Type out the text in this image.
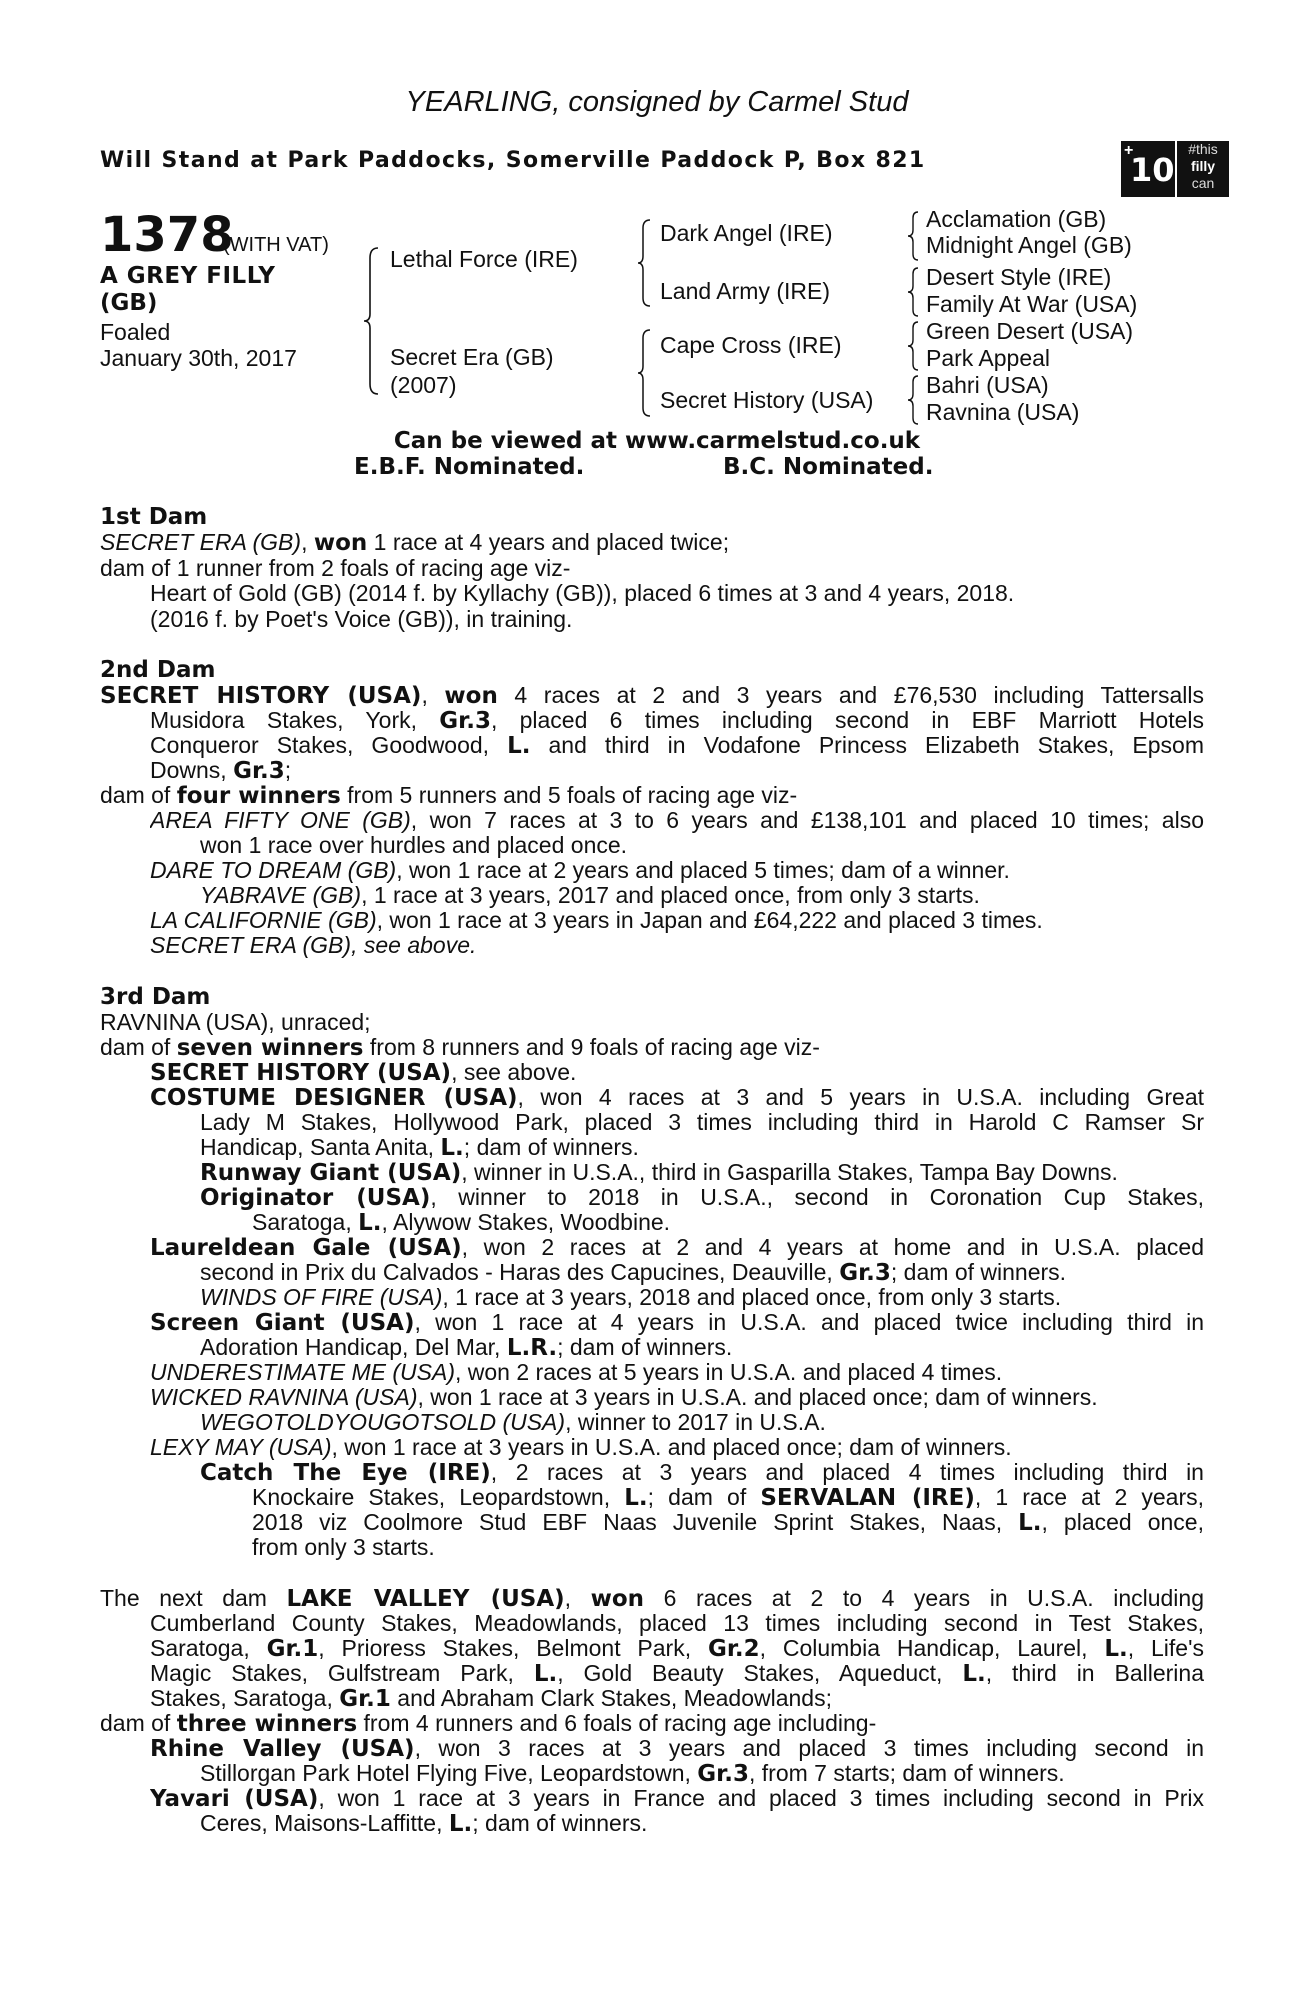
YEARLING, consigned by Carmel Stud
Will Stand at Park Paddocks, Somerville Paddock P, Box 821	+
10
#this
filly
can
1378
(WITH VAT)
A GREY FILLY
(GB)
Foaled
January 30th, 2017
Lethal Force (IRE)
Secret Era (GB)
(2007)
Dark Angel (IRE)
Land Army (IRE)
Cape Cross (IRE)
Secret History (USA)
Acclamation (GB)
Midnight Angel (GB)
Desert Style (IRE)
Family At War (USA)
Green Desert (USA)
Park Appeal
Bahri (USA)
Ravnina (USA)
Can be viewed at www.carmelstud.co.uk
E.B.F. Nominated.	B.C. Nominated.
1st Dam
SECRET ERA (GB), won 1 race at 4 years and placed twice;
dam of 1 runner from 2 foals of racing age viz-
Heart of Gold (GB) (2014 f. by Kyllachy (GB)), placed 6 times at 3 and 4 years, 2018.
(2016 f. by Poet's Voice (GB)), in training.
2nd Dam
SECRET HISTORY (USA), won 4 races at 2 and 3 years and £76,530 including Tattersalls
Musidora Stakes, York, Gr.3, placed 6 times including second in EBF Marriott Hotels
Conqueror Stakes, Goodwood, L. and third in Vodafone Princess Elizabeth Stakes, Epsom
Downs, Gr.3;
dam of four winners from 5 runners and 5 foals of racing age viz-
AREA FIFTY ONE (GB), won 7 races at 3 to 6 years and £138,101 and placed 10 times; also
won 1 race over hurdles and placed once.
DARE TO DREAM (GB), won 1 race at 2 years and placed 5 times; dam of a winner.
YABRAVE (GB), 1 race at 3 years, 2017 and placed once, from only 3 starts.
LA CALIFORNIE (GB), won 1 race at 3 years in Japan and £64,222 and placed 3 times.
SECRET ERA (GB), see above.
3rd Dam
RAVNINA (USA), unraced;
dam of seven winners from 8 runners and 9 foals of racing age viz-
SECRET HISTORY (USA), see above.
COSTUME DESIGNER (USA), won 4 races at 3 and 5 years in U.S.A. including Great
Lady M Stakes, Hollywood Park, placed 3 times including third in Harold C Ramser Sr
Handicap, Santa Anita, L.; dam of winners.
Runway Giant (USA), winner in U.S.A., third in Gasparilla Stakes, Tampa Bay Downs.
Originator (USA), winner to 2018 in U.S.A., second in Coronation Cup Stakes,
Saratoga, L., Alywow Stakes, Woodbine.
Laureldean Gale (USA), won 2 races at 2 and 4 years at home and in U.S.A. placed
second in Prix du Calvados - Haras des Capucines, Deauville, Gr.3; dam of winners.
WINDS OF FIRE (USA), 1 race at 3 years, 2018 and placed once, from only 3 starts.
Screen Giant (USA), won 1 race at 4 years in U.S.A. and placed twice including third in
Adoration Handicap, Del Mar, L.R.; dam of winners.
UNDERESTIMATE ME (USA), won 2 races at 5 years in U.S.A. and placed 4 times.
WICKED RAVNINA (USA), won 1 race at 3 years in U.S.A. and placed once; dam of winners.
WEGOTOLDYOUGOTSOLD (USA), winner to 2017 in U.S.A.
LEXY MAY (USA), won 1 race at 3 years in U.S.A. and placed once; dam of winners.
Catch The Eye (IRE), 2 races at 3 years and placed 4 times including third in
Knockaire Stakes, Leopardstown, L.; dam of SERVALAN (IRE), 1 race at 2 years,
2018 viz Coolmore Stud EBF Naas Juvenile Sprint Stakes, Naas, L., placed once,
from only 3 starts.
The next dam LAKE VALLEY (USA), won 6 races at 2 to 4 years in U.S.A. including
Cumberland County Stakes, Meadowlands, placed 13 times including second in Test Stakes,
Saratoga, Gr.1, Prioress Stakes, Belmont Park, Gr.2, Columbia Handicap, Laurel, L., Life's
Magic Stakes, Gulfstream Park, L., Gold Beauty Stakes, Aqueduct, L., third in Ballerina
Stakes, Saratoga, Gr.1 and Abraham Clark Stakes, Meadowlands;
dam of three winners from 4 runners and 6 foals of racing age including-
Rhine Valley (USA), won 3 races at 3 years and placed 3 times including second in
Stillorgan Park Hotel Flying Five, Leopardstown, Gr.3, from 7 starts; dam of winners.
Yavari (USA), won 1 race at 3 years in France and placed 3 times including second in Prix
Ceres, Maisons-Laffitte, L.; dam of winners.
